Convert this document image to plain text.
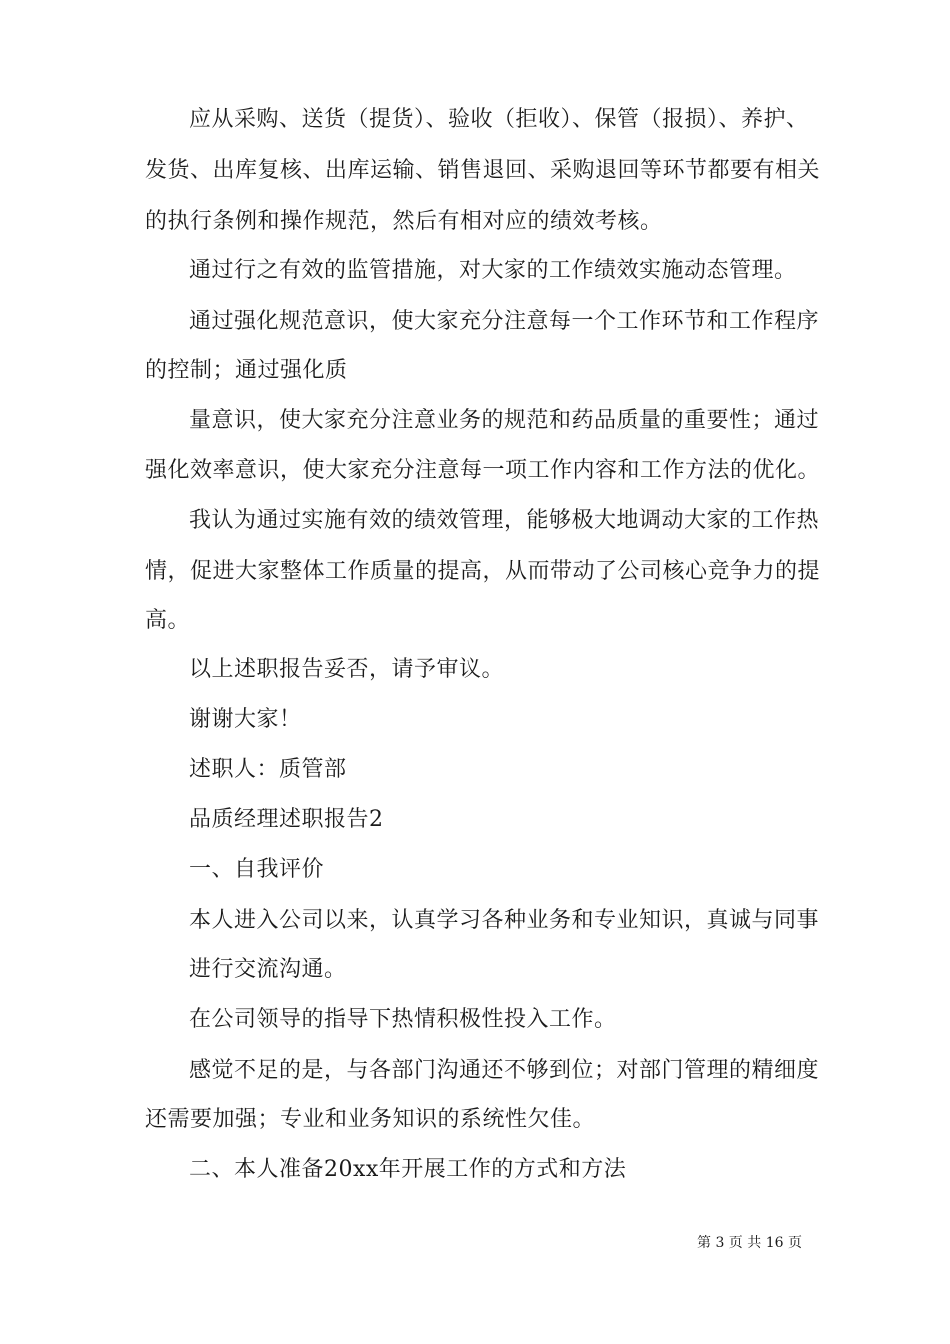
应从采购、送货（提货）、验收（拒收）、保管（报损）、养护、
发货、出库复核、出库运输、销售退回、采购退回等环节都要有相关
的执行条例和操作规范，然后有相对应的绩效考核。
通过行之有效的监管措施，对大家的工作绩效实施动态管理。
通过强化规范意识，使大家充分注意每一个工作环节和工作程序
的控制；通过强化质
量意识，使大家充分注意业务的规范和药品质量的重要性；通过
强化效率意识，使大家充分注意每一项工作内容和工作方法的优化。
我认为通过实施有效的绩效管理，能够极大地调动大家的工作热
情，促进大家整体工作质量的提高，从而带动了公司核心竞争力的提
高。
以上述职报告妥否，请予审议。
谢谢大家！
述职人：质管部
品质经理述职报告2
一、自我评价
本人进入公司以来，认真学习各种业务和专业知识，真诚与同事
进行交流沟通。
在公司领导的指导下热情积极性投入工作。
感觉不足的是，与各部门沟通还不够到位；对部门管理的精细度
还需要加强；专业和业务知识的系统性欠佳。
二、本人准备20xx年开展工作的方式和方法
第 3 页 共 16 页
